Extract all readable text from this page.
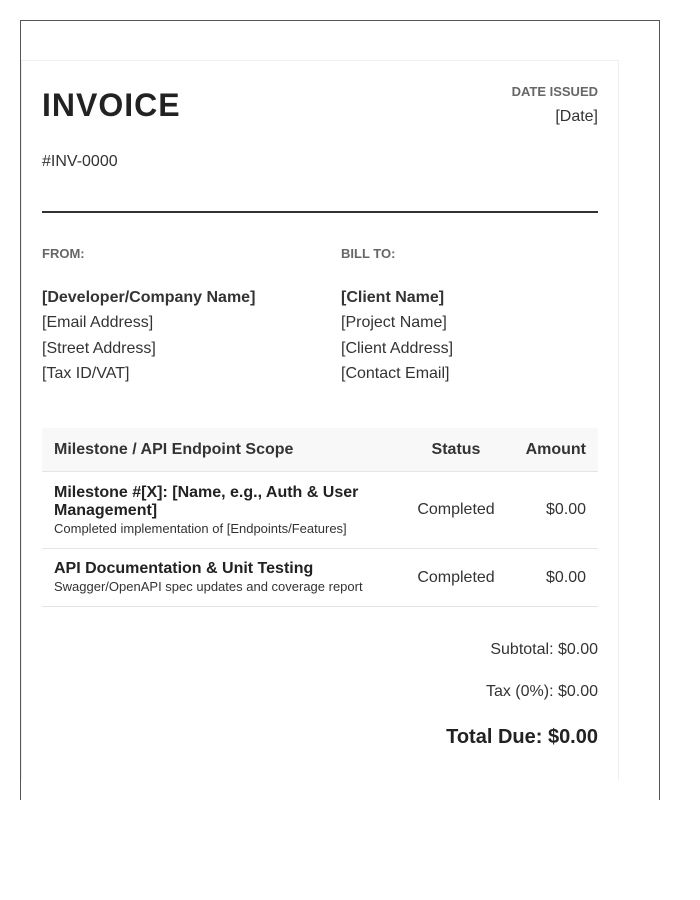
INVOICE
#INV-0000
DATE ISSUED
[Date]
FROM:
[Developer/Company Name]
[Email Address]
[Street Address]
[Tax ID/VAT]
BILL TO:
[Client Name]
[Project Name]
[Client Address]
[Contact Email]
Milestone / API Endpoint Scope	Status	Amount

Milestone #[X]: [Name, e.g., Auth & User Management]
Completed implementation of [Endpoints/Features]	Completed	$0.00

API Documentation & Unit Testing
Swagger/OpenAPI spec updates and coverage report	Completed	$0.00
Subtotal: $0.00
Tax (0%): $0.00
Total Due: $0.00
